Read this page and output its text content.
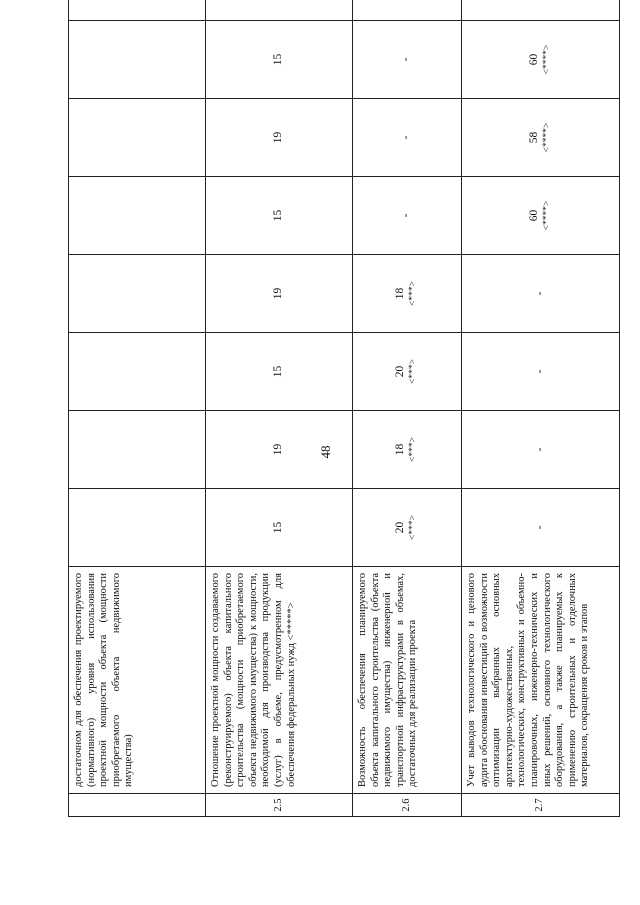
48
	достаточном для обеспечения проектируемого (нормативного) уровня использования проектной мощности объекта (мощности приобретаемого объекта недвижимого имущества)	

2.5	Отношение проектной мощности создаваемого (реконструируемого) объекта капитального строительства (мощности приобретаемого объекта недвижимого имущества) к мощности, необходимой для производства продукции (услуг) в объеме, предусмотренном для обеспечения федеральных нужд <*****>	15	19	15	19	15	19	15

2.6	Возможность обеспечения планируемого объекта капитального строительства (объекта недвижимого имущества) инженерной и транспортной инфраструктурами в объемах, достаточных для реализации проекта	20 <***>	18 <***>	20 <***>	18 <***>	-	-	-

2.7	Учет выводов технологического и ценового аудита обоснования инвестиций о возможности оптимизации выбранных основных архитектурно-художественных, технологических, конструктивных и объемно-планировочных, инженерно-технических и иных решений, основного технологического оборудования, а также планируемых к применению строительных и отделочных материалов, сокращения сроков и этапов	-	-	-	-	60 <****>	58 <****>	60 <****>
